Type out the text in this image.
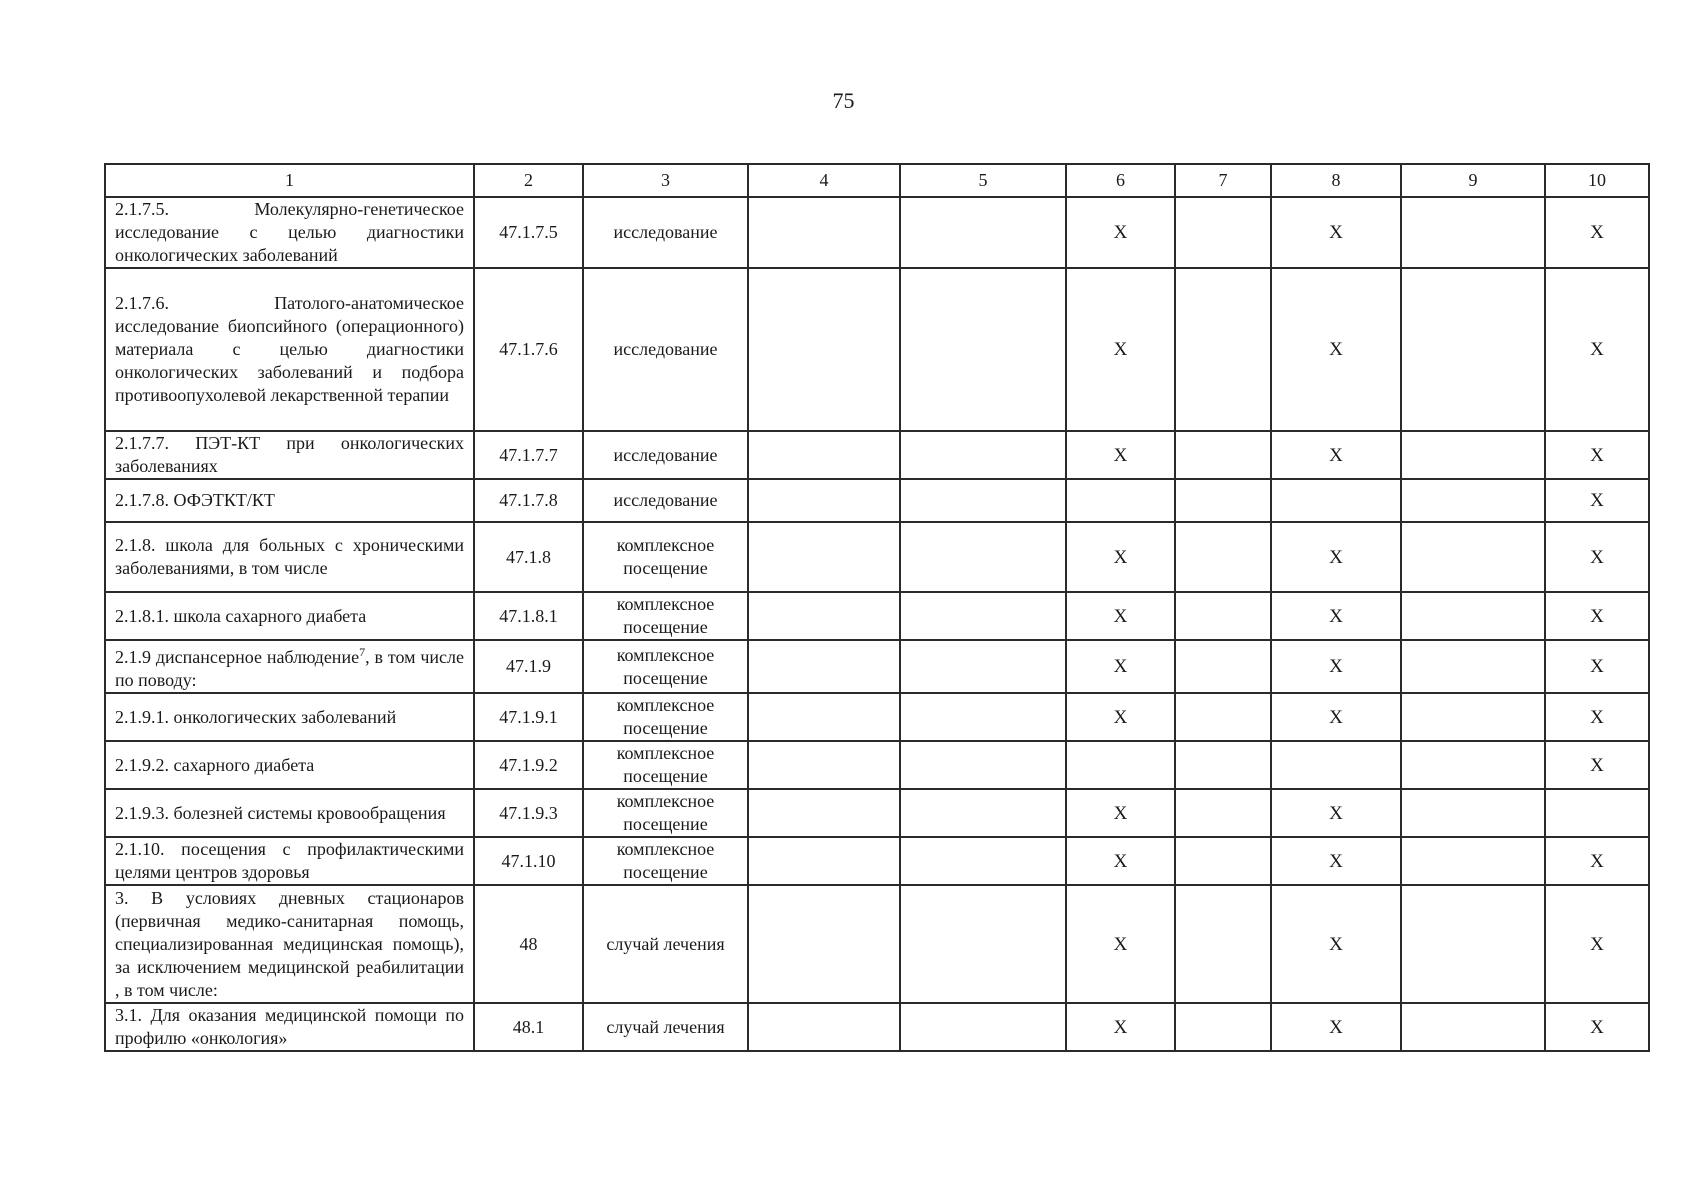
75
1	2	3	4	5	6	7	8	9	10
2.1.7.5. Молекулярно-генетическое исследование с целью диагностики онкологических заболеваний	47.1.7.5	исследование			X		X		X
2.1.7.6. Патолого-анатомическое исследование биопсийного (операционного) материала с целью диагностики онкологических заболеваний и подбора противоопухолевой лекарственной терапии	47.1.7.6	исследование			X		X		X
2.1.7.7. ПЭТ-КТ при онкологических заболеваниях	47.1.7.7	исследование			X		X		X
2.1.7.8. ОФЭТКТ/КТ	47.1.7.8	исследование							X
2.1.8. школа для больных с хроническими заболеваниями, в том числе	47.1.8	комплексное посещение			X		X		X
2.1.8.1. школа сахарного диабета	47.1.8.1	комплексное посещение			X		X		X
2.1.9 диспансерное наблюдение$^7$, в том числе по поводу:	47.1.9	комплексное посещение			X		X		X
2.1.9.1. онкологических заболеваний	47.1.9.1	комплексное посещение			X		X		X
2.1.9.2. сахарного диабета	47.1.9.2	комплексное посещение							X
2.1.9.3. болезней системы кровообращения	47.1.9.3	комплексное посещение			X		X		
2.1.10. посещения с профилактическими целями центров здоровья	47.1.10	комплексное посещение			X		X		X
3. В условиях дневных стационаров (первичная медико-санитарная помощь, специализированная медицинская помощь), за исключением медицинской реабилитации , в том числе:	48	случай лечения			X		X		X
3.1. Для оказания медицинской помощи по профилю «онкология»	48.1	случай лечения			X		X		X
